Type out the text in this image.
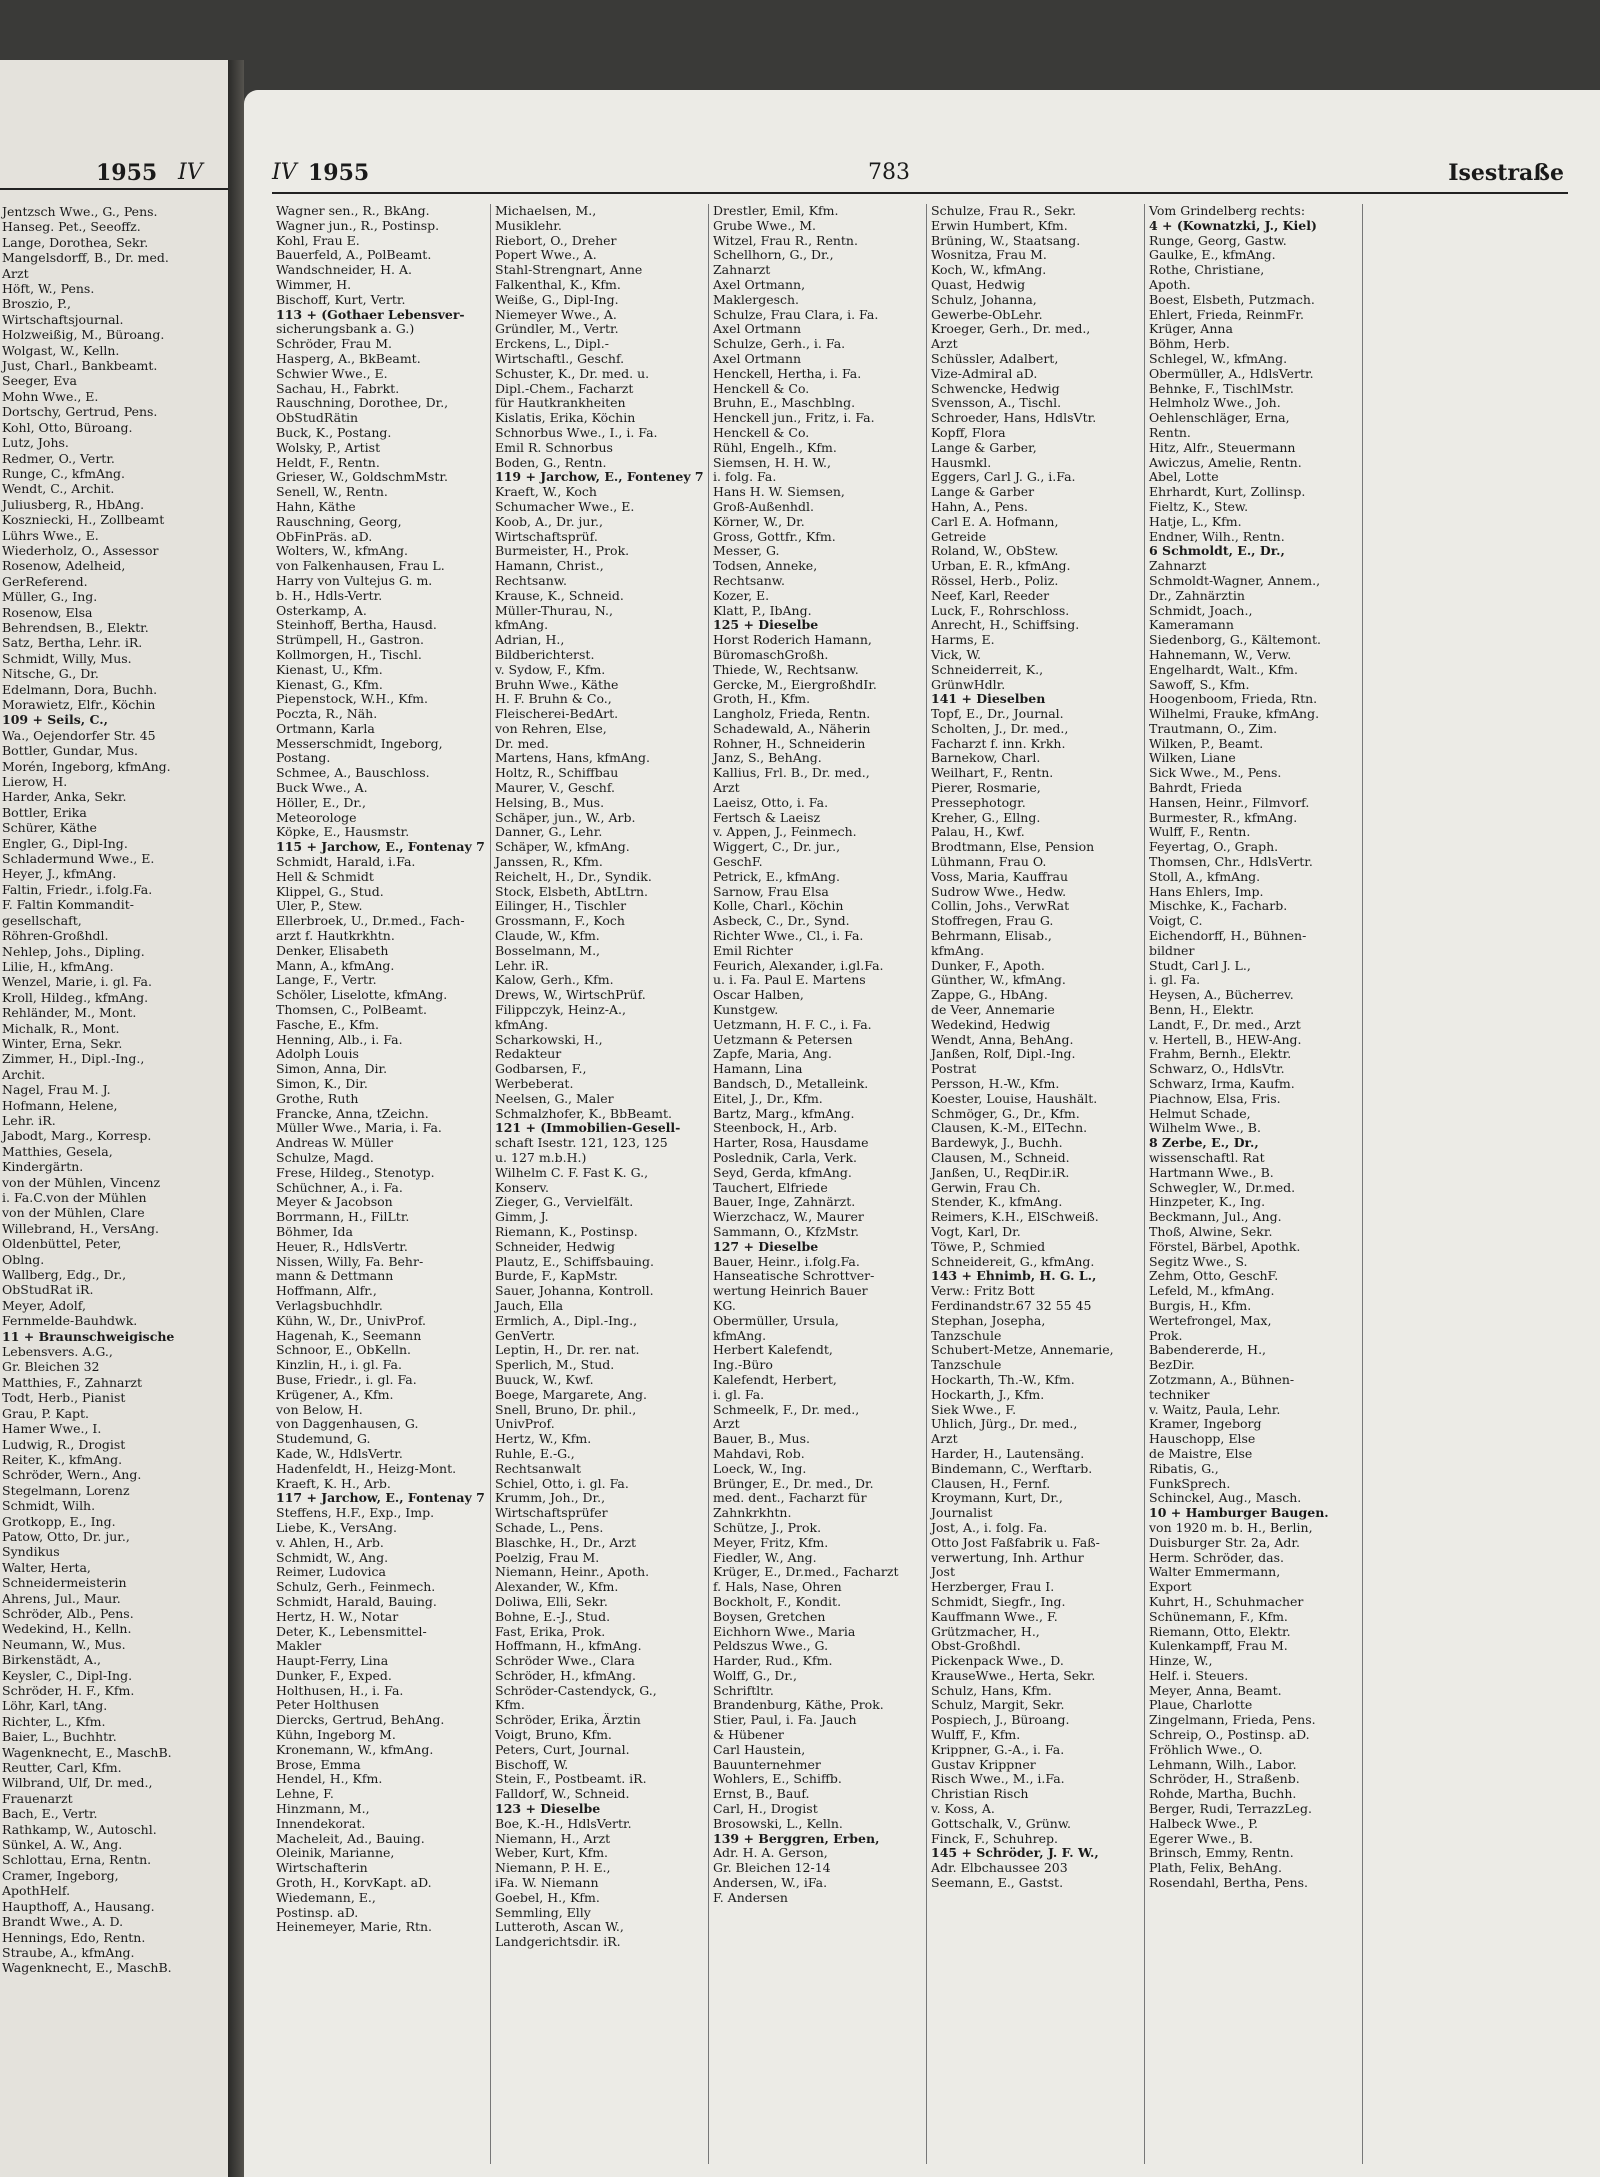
1955 IV
Jentzsch Wwe., G., Pens.
Hanseg. Pet., Seeoffz.
Lange, Dorothea, Sekr.
Mangelsdorff, B., Dr. med.
Arzt
Höft, W., Pens.
Broszio, P.,
Wirtschaftsjournal.
Holzweißig, M., Büroang.
Wolgast, W., Kelln.
Just, Charl., Bankbeamt.
Seeger, Eva
Mohn Wwe., E.
Dortschy, Gertrud, Pens.
Kohl, Otto, Büroang.
Lutz, Johs.
Redmer, O., Vertr.
Runge, C., kfmAng.
Wendt, C., Archit.
Juliusberg, R., HbAng.
Koszniecki, H., Zollbeamt
Lührs Wwe., E.
Wiederholz, O., Assessor
Rosenow, Adelheid,
GerReferend.
Müller, G., Ing.
Rosenow, Elsa
Behrendsen, B., Elektr.
Satz, Bertha, Lehr. iR.
Schmidt, Willy, Mus.
Nitsche, G., Dr.
Edelmann, Dora, Buchh.
Morawietz, Elfr., Köchin
109 + Seils, C.,
Wa., Oejendorfer Str. 45
Bottler, Gundar, Mus.
Morén, Ingeborg, kfmAng.
Lierow, H.
Harder, Anka, Sekr.
Bottler, Erika
Schürer, Käthe
Engler, G., Dipl-Ing.
Schladermund Wwe., E.
Heyer, J., kfmAng.
Faltin, Friedr., i.folg.Fa.
F. Faltin Kommandit-
gesellschaft,
Röhren-Großhdl.
Nehlep, Johs., Dipling.
Lilie, H., kfmAng.
Wenzel, Marie, i. gl. Fa.
Kroll, Hildeg., kfmAng.
Rehländer, M., Mont.
Michalk, R., Mont.
Winter, Erna, Sekr.
Zimmer, H., Dipl.-Ing.,
Archit.
Nagel, Frau M. J.
Hofmann, Helene,
Lehr. iR.
Jabodt, Marg., Korresp.
Matthies, Gesela,
Kindergärtn.
von der Mühlen, Vincenz
i. Fa.C.von der Mühlen
von der Mühlen, Clare
Willebrand, H., VersAng.
Oldenbüttel, Peter,
Oblng.
Wallberg, Edg., Dr.,
ObStudRat iR.
Meyer, Adolf,
Fernmelde-Bauhdwk.
11 + Braunschweigische
Lebensvers. A.G.,
Gr. Bleichen 32
Matthies, F., Zahnarzt
Todt, Herb., Pianist
Grau, P. Kapt.
Hamer Wwe., I.
Ludwig, R., Drogist
Reiter, K., kfmAng.
Schröder, Wern., Ang.
Stegelmann, Lorenz
Schmidt, Wilh.
Grotkopp, E., Ing.
Patow, Otto, Dr. jur.,
Syndikus
Walter, Herta,
Schneidermeisterin
Ahrens, Jul., Maur.
Schröder, Alb., Pens.
Wedekind, H., Kelln.
Neumann, W., Mus.
Birkenstädt, A.,
Keysler, C., Dipl-Ing.
Schröder, H. F., Kfm.
Löhr, Karl, tAng.
Richter, L., Kfm.
Baier, L., Buchhtr.
Wagenknecht, E., MaschB.
Reutter, Carl, Kfm.
Wilbrand, Ulf, Dr. med.,
Frauenarzt
Bach, E., Vertr.
Rathkamp, W., Autoschl.
Sünkel, A. W., Ang.
Schlottau, Erna, Rentn.
Cramer, Ingeborg,
ApothHelf.
Haupthoff, A., Hausang.
Brandt Wwe., A. D.
Hennings, Edo, Rentn.
Straube, A., kfmAng.
Wagenknecht, E., MaschB.
IV 1955	783	Isestraße
Wagner sen., R., BkAng.
Wagner jun., R., Postinsp.
Kohl, Frau E.
Bauerfeld, A., PolBeamt.
Wandschneider, H. A.
Wimmer, H.
Bischoff, Kurt, Vertr.
113 + (Gothaer Lebensver-
sicherungsbank a. G.)
Schröder, Frau M.
Hasperg, A., BkBeamt.
Schwier Wwe., E.
Sachau, H., Fabrkt.
Rauschning, Dorothee, Dr.,
ObStudRätin
Buck, K., Postang.
Wolsky, P., Artist
Heldt, F., Rentn.
Grieser, W., GoldschmMstr.
Senell, W., Rentn.
Hahn, Käthe
Rauschning, Georg,
ObFinPräs. aD.
Wolters, W., kfmAng.
von Falkenhausen, Frau L.
Harry von Vultejus G. m.
b. H., Hdls-Vertr.
Osterkamp, A.
Steinhoff, Bertha, Hausd.
Strümpell, H., Gastron.
Kollmorgen, H., Tischl.
Kienast, U., Kfm.
Kienast, G., Kfm.
Piepenstock, W.H., Kfm.
Poczta, R., Näh.
Ortmann, Karla
Messerschmidt, Ingeborg,
Postang.
Schmee, A., Bauschloss.
Buck Wwe., A.
Höller, E., Dr.,
Meteorologe
Köpke, E., Hausmstr.
115 + Jarchow, E., Fontenay 7
Schmidt, Harald, i.Fa.
Hell & Schmidt
Klippel, G., Stud.
Uler, P., Stew.
Ellerbroek, U., Dr.med., Fach-
arzt f. Hautkrkhtn.
Denker, Elisabeth
Mann, A., kfmAng.
Lange, F., Vertr.
Schöler, Liselotte, kfmAng.
Thomsen, C., PolBeamt.
Fasche, E., Kfm.
Henning, Alb., i. Fa.
Adolph Louis
Simon, Anna, Dir.
Simon, K., Dir.
Grothe, Ruth
Francke, Anna, tZeichn.
Müller Wwe., Maria, i. Fa.
Andreas W. Müller
Schulze, Magd.
Frese, Hildeg., Stenotyp.
Schüchner, A., i. Fa.
Meyer & Jacobson
Borrmann, H., FilLtr.
Böhmer, Ida
Heuer, R., HdlsVertr.
Nissen, Willy, Fa. Behr-
mann & Dettmann
Hoffmann, Alfr.,
Verlagsbuchhdlr.
Kühn, W., Dr., UnivProf.
Hagenah, K., Seemann
Schnoor, E., ObKelln.
Kinzlin, H., i. gl. Fa.
Buse, Friedr., i. gl. Fa.
Krügener, A., Kfm.
von Below, H.
von Daggenhausen, G.
Studemund, G.
Kade, W., HdlsVertr.
Hadenfeldt, H., Heizg-Mont.
Kraeft, K. H., Arb.
117 + Jarchow, E., Fontenay 7
Steffens, H.F., Exp., Imp.
Liebe, K., VersAng.
v. Ahlen, H., Arb.
Schmidt, W., Ang.
Reimer, Ludovica
Schulz, Gerh., Feinmech.
Schmidt, Harald, Bauing.
Hertz, H. W., Notar
Deter, K., Lebensmittel-
Makler
Haupt-Ferry, Lina
Dunker, F., Exped.
Holthusen, H., i. Fa.
Peter Holthusen
Diercks, Gertrud, BehAng.
Kühn, Ingeborg M.
Kronemann, W., kfmAng.
Brose, Emma
Hendel, H., Kfm.
Lehne, F.
Hinzmann, M.,
Innendekorat.
Macheleit, Ad., Bauing.
Oleinik, Marianne,
Wirtschafterin
Groth, H., KorvKapt. aD.
Wiedemann, E.,
Postinsp. aD.
Heinemeyer, Marie, Rtn.
Michaelsen, M.,
Musiklehr.
Riebort, O., Dreher
Popert Wwe., A.
Stahl-Strengnart, Anne
Falkenthal, K., Kfm.
Weiße, G., Dipl-Ing.
Niemeyer Wwe., A.
Gründler, M., Vertr.
Erckens, L., Dipl.-
Wirtschaftl., Geschf.
Schuster, K., Dr. med. u.
Dipl.-Chem., Facharzt
für Hautkrankheiten
Kislatis, Erika, Köchin
Schnorbus Wwe., I., i. Fa.
Emil R. Schnorbus
Boden, G., Rentn.
119 + Jarchow, E., Fonteney 7
Kraeft, W., Koch
Schumacher Wwe., E.
Koob, A., Dr. jur.,
Wirtschaftsprüf.
Burmeister, H., Prok.
Hamann, Christ.,
Rechtsanw.
Krause, K., Schneid.
Müller-Thurau, N.,
kfmAng.
Adrian, H.,
Bildberichterst.
v. Sydow, F., Kfm.
Bruhn Wwe., Käthe
H. F. Bruhn & Co.,
Fleischerei-BedArt.
von Rehren, Else,
Dr. med.
Martens, Hans, kfmAng.
Holtz, R., Schiffbau
Maurer, V., Geschf.
Helsing, B., Mus.
Schäper, jun., W., Arb.
Danner, G., Lehr.
Schäper, W., kfmAng.
Janssen, R., Kfm.
Reichelt, H., Dr., Syndik.
Stock, Elsbeth, AbtLtrn.
Eilinger, H., Tischler
Grossmann, F., Koch
Claude, W., Kfm.
Bosselmann, M.,
Lehr. iR.
Kalow, Gerh., Kfm.
Drews, W., WirtschPrüf.
Filippczyk, Heinz-A.,
kfmAng.
Scharkowski, H.,
Redakteur
Godbarsen, F.,
Werbeberat.
Neelsen, G., Maler
Schmalzhofer, K., BbBeamt.
121 + (Immobilien-Gesell-
schaft Isestr. 121, 123, 125
u. 127 m.b.H.)
Wilhelm C. F. Fast K. G.,
Konserv.
Zieger, G., Vervielfält.
Gimm, J.
Riemann, K., Postinsp.
Schneider, Hedwig
Plautz, E., Schiffsbauing.
Burde, F., KapMstr.
Sauer, Johanna, Kontroll.
Jauch, Ella
Ermlich, A., Dipl.-Ing.,
GenVertr.
Leptin, H., Dr. rer. nat.
Sperlich, M., Stud.
Buuck, W., Kwf.
Boege, Margarete, Ang.
Snell, Bruno, Dr. phil.,
UnivProf.
Hertz, W., Kfm.
Ruhle, E.-G.,
Rechtsanwalt
Schiel, Otto, i. gl. Fa.
Krumm, Joh., Dr.,
Wirtschaftsprüfer
Schade, L., Pens.
Blaschke, H., Dr., Arzt
Poelzig, Frau M.
Niemann, Heinr., Apoth.
Alexander, W., Kfm.
Doliwa, Elli, Sekr.
Bohne, E.-J., Stud.
Fast, Erika, Prok.
Hoffmann, H., kfmAng.
Schröder Wwe., Clara
Schröder, H., kfmAng.
Schröder-Castendyck, G.,
Kfm.
Schröder, Erika, Ärztin
Voigt, Bruno, Kfm.
Peters, Curt, Journal.
Bischoff, W.
Stein, F., Postbeamt. iR.
Falldorf, W., Schneid.
123 + Dieselbe
Boe, K.-H., HdlsVertr.
Niemann, H., Arzt
Weber, Kurt, Kfm.
Niemann, P. H. E.,
iFa. W. Niemann
Goebel, H., Kfm.
Semmling, Elly
Lutteroth, Ascan W.,
Landgerichtsdir. iR.
Drestler, Emil, Kfm.
Grube Wwe., M.
Witzel, Frau R., Rentn.
Schellhorn, G., Dr.,
Zahnarzt
Axel Ortmann,
Maklergesch.
Schulze, Frau Clara, i. Fa.
Axel Ortmann
Schulze, Gerh., i. Fa.
Axel Ortmann
Henckell, Hertha, i. Fa.
Henckell & Co.
Bruhn, E., Maschblng.
Henckell jun., Fritz, i. Fa.
Henckell & Co.
Rühl, Engelh., Kfm.
Siemsen, H. H. W.,
i. folg. Fa.
Hans H. W. Siemsen,
Groß-Außenhdl.
Körner, W., Dr.
Gross, Gottfr., Kfm.
Messer, G.
Todsen, Anneke,
Rechtsanw.
Kozer, E.
Klatt, P., IbAng.
125 + Dieselbe
Horst Roderich Hamann,
BüromaschGroßh.
Thiede, W., Rechtsanw.
Gercke, M., EiergroßhdIr.
Groth, H., Kfm.
Langholz, Frieda, Rentn.
Schadewald, A., Näherin
Rohner, H., Schneiderin
Janz, S., BehAng.
Kallius, Frl. B., Dr. med.,
Arzt
Laeisz, Otto, i. Fa.
Fertsch & Laeisz
v. Appen, J., Feinmech.
Wiggert, C., Dr. jur.,
GeschF.
Petrick, E., kfmAng.
Sarnow, Frau Elsa
Kolle, Charl., Köchin
Asbeck, C., Dr., Synd.
Richter Wwe., Cl., i. Fa.
Emil Richter
Feurich, Alexander, i.gl.Fa.
u. i. Fa. Paul E. Martens
Oscar Halben,
Kunstgew.
Uetzmann, H. F. C., i. Fa.
Uetzmann & Petersen
Zapfe, Maria, Ang.
Hamann, Lina
Bandsch, D., Metalleink.
Eitel, J., Dr., Kfm.
Bartz, Marg., kfmAng.
Steenbock, H., Arb.
Harter, Rosa, Hausdame
Poslednik, Carla, Verk.
Seyd, Gerda, kfmAng.
Tauchert, Elfriede
Bauer, Inge, Zahnärzt.
Wierzchacz, W., Maurer
Sammann, O., KfzMstr.
127 + Dieselbe
Bauer, Heinr., i.folg.Fa.
Hanseatische Schrottver-
wertung Heinrich Bauer
KG.
Obermüller, Ursula,
kfmAng.
Herbert Kalefendt,
Ing.-Büro
Kalefendt, Herbert,
i. gl. Fa.
Schmeelk, F., Dr. med.,
Arzt
Bauer, B., Mus.
Mahdavi, Rob.
Loeck, W., Ing.
Brünger, E., Dr. med., Dr.
med. dent., Facharzt für
Zahnkrkhtn.
Schütze, J., Prok.
Meyer, Fritz, Kfm.
Fiedler, W., Ang.
Krüger, E., Dr.med., Facharzt
f. Hals, Nase, Ohren
Bockholt, F., Kondit.
Boysen, Gretchen
Eichhorn Wwe., Maria
Peldszus Wwe., G.
Harder, Rud., Kfm.
Wolff, G., Dr.,
Schriftltr.
Brandenburg, Käthe, Prok.
Stier, Paul, i. Fa. Jauch
& Hübener
Carl Haustein,
Bauunternehmer
Wohlers, E., Schiffb.
Ernst, B., Bauf.
Carl, H., Drogist
Brosowski, L., Kelln.
139 + Berggren, Erben,
Adr. H. A. Gerson,
Gr. Bleichen 12-14
Andersen, W., iFa.
F. Andersen
Schulze, Frau R., Sekr.
Erwin Humbert, Kfm.
Brüning, W., Staatsang.
Wosnitza, Frau M.
Koch, W., kfmAng.
Quast, Hedwig
Schulz, Johanna,
Gewerbe-ObLehr.
Kroeger, Gerh., Dr. med.,
Arzt
Schüssler, Adalbert,
Vize-Admiral aD.
Schwencke, Hedwig
Svensson, A., Tischl.
Schroeder, Hans, HdlsVtr.
Kopff, Flora
Lange & Garber,
Hausmkl.
Eggers, Carl J. G., i.Fa.
Lange & Garber
Hahn, A., Pens.
Carl E. A. Hofmann,
Getreide
Roland, W., ObStew.
Urban, E. R., kfmAng.
Rössel, Herb., Poliz.
Neef, Karl, Reeder
Luck, F., Rohrschloss.
Anrecht, H., Schiffsing.
Harms, E.
Vick, W.
Schneiderreit, K.,
GrünwHdlr.
141 + Dieselben
Topf, E., Dr., Journal.
Scholten, J., Dr. med.,
Facharzt f. inn. Krkh.
Barnekow, Charl.
Weilhart, F., Rentn.
Pierer, Rosmarie,
Pressephotogr.
Kreher, G., Ellng.
Palau, H., Kwf.
Brodtmann, Else, Pension
Lühmann, Frau O.
Voss, Maria, Kauffrau
Sudrow Wwe., Hedw.
Collin, Johs., VerwRat
Stoffregen, Frau G.
Behrmann, Elisab.,
kfmAng.
Dunker, F., Apoth.
Günther, W., kfmAng.
Zappe, G., HbAng.
de Veer, Annemarie
Wedekind, Hedwig
Wendt, Anna, BehAng.
Janßen, Rolf, Dipl.-Ing.
Postrat
Persson, H.-W., Kfm.
Koester, Louise, Haushält.
Schmöger, G., Dr., Kfm.
Clausen, K.-M., ElTechn.
Bardewyk, J., Buchh.
Clausen, M., Schneid.
Janßen, U., ReqDir.iR.
Gerwin, Frau Ch.
Stender, K., kfmAng.
Reimers, K.H., ElSchweiß.
Vogt, Karl, Dr.
Töwe, P., Schmied
Schneidereit, G., kfmAng.
143 + Ehnimb, H. G. L.,
Verw.: Fritz Bott
Ferdinandstr.67 32 55 45
Stephan, Josepha,
Tanzschule
Schubert-Metze, Annemarie,
Tanzschule
Hockarth, Th.-W., Kfm.
Hockarth, J., Kfm.
Siek Wwe., F.
Uhlich, Jürg., Dr. med.,
Arzt
Harder, H., Lautensäng.
Bindemann, C., Werftarb.
Clausen, H., Fernf.
Kroymann, Kurt, Dr.,
Journalist
Jost, A., i. folg. Fa.
Otto Jost Faßfabrik u. Faß-
verwertung, Inh. Arthur
Jost
Herzberger, Frau I.
Schmidt, Siegfr., Ing.
Kauffmann Wwe., F.
Grützmacher, H.,
Obst-Großhdl.
Pickenpack Wwe., D.
KrauseWwe., Herta, Sekr.
Schulz, Hans, Kfm.
Schulz, Margit, Sekr.
Pospiech, J., Büroang.
Wulff, F., Kfm.
Krippner, G.-A., i. Fa.
Gustav Krippner
Risch Wwe., M., i.Fa.
Christian Risch
v. Koss, A.
Gottschalk, V., Grünw.
Finck, F., Schuhrep.
145 + Schröder, J. F. W.,
Adr. Elbchaussee 203
Seemann, E., Gastst.
Vom Grindelberg rechts:
4 + (Kownatzki, J., Kiel)
Runge, Georg, Gastw.
Gaulke, E., kfmAng.
Rothe, Christiane,
Apoth.
Boest, Elsbeth, Putzmach.
Ehlert, Frieda, ReinmFr.
Krüger, Anna
Böhm, Herb.
Schlegel, W., kfmAng.
Obermüller, A., HdlsVertr.
Behnke, F., TischlMstr.
Helmholz Wwe., Joh.
Oehlenschläger, Erna,
Rentn.
Hitz, Alfr., Steuermann
Awiczus, Amelie, Rentn.
Abel, Lotte
Ehrhardt, Kurt, Zollinsp.
Fieltz, K., Stew.
Hatje, L., Kfm.
Endner, Wilh., Rentn.
6 Schmoldt, E., Dr.,
Zahnarzt
Schmoldt-Wagner, Annem.,
Dr., Zahnärztin
Schmidt, Joach.,
Kameramann
Siedenborg, G., Kältemont.
Hahnemann, W., Verw.
Engelhardt, Walt., Kfm.
Sawoff, S., Kfm.
Hoogenboom, Frieda, Rtn.
Wilhelmi, Frauke, kfmAng.
Trautmann, O., Zim.
Wilken, P., Beamt.
Wilken, Liane
Sick Wwe., M., Pens.
Bahrdt, Frieda
Hansen, Heinr., Filmvorf.
Burmester, R., kfmAng.
Wulff, F., Rentn.
Feyertag, O., Graph.
Thomsen, Chr., HdlsVertr.
Stoll, A., kfmAng.
Hans Ehlers, Imp.
Mischke, K., Facharb.
Voigt, C.
Eichendorff, H., Bühnen-
bildner
Studt, Carl J. L.,
i. gl. Fa.
Heysen, A., Bücherrev.
Benn, H., Elektr.
Landt, F., Dr. med., Arzt
v. Hertell, B., HEW-Ang.
Frahm, Bernh., Elektr.
Schwarz, O., HdlsVtr.
Schwarz, Irma, Kaufm.
Piachnow, Elsa, Fris.
Helmut Schade,
Wilhelm Wwe., B.
8 Zerbe, E., Dr.,
wissenschaftl. Rat
Hartmann Wwe., B.
Schwegler, W., Dr.med.
Hinzpeter, K., Ing.
Beckmann, Jul., Ang.
Thoß, Alwine, Sekr.
Förstel, Bärbel, Apothk.
Segitz Wwe., S.
Zehm, Otto, GeschF.
Lefeld, M., kfmAng.
Burgis, H., Kfm.
Wertefrongel, Max,
Prok.
Babendererde, H.,
BezDir.
Zotzmann, A., Bühnen-
techniker
v. Waitz, Paula, Lehr.
Kramer, Ingeborg
Hauschopp, Else
de Maistre, Else
Ribatis, G.,
FunkSprech.
Schinckel, Aug., Masch.
10 + Hamburger Baugen.
von 1920 m. b. H., Berlin,
Duisburger Str. 2a, Adr.
Herm. Schröder, das.
Walter Emmermann,
Export
Kuhrt, H., Schuhmacher
Schünemann, F., Kfm.
Riemann, Otto, Elektr.
Kulenkampff, Frau M.
Hinze, W.,
Helf. i. Steuers.
Meyer, Anna, Beamt.
Plaue, Charlotte
Zingelmann, Frieda, Pens.
Schreip, O., Postinsp. aD.
Fröhlich Wwe., O.
Lehmann, Wilh., Labor.
Schröder, H., Straßenb.
Rohde, Martha, Buchh.
Berger, Rudi, TerrazzLeg.
Halbeck Wwe., P.
Egerer Wwe., B.
Brinsch, Emmy, Rentn.
Plath, Felix, BehAng.
Rosendahl, Bertha, Pens.
